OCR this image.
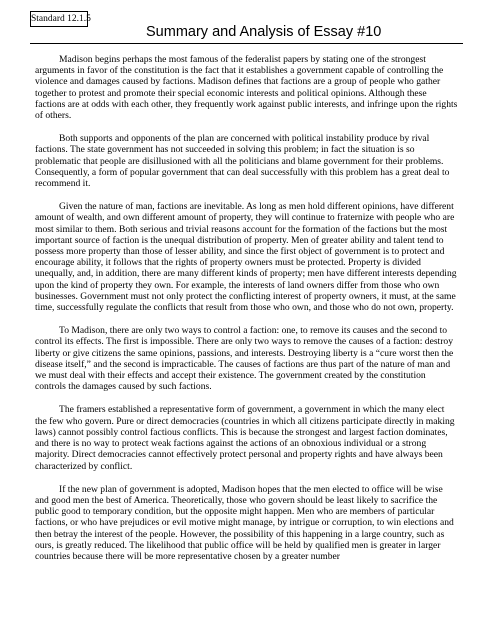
Standard 12.1.5
Summary and Analysis of Essay #10

Madison begins perhaps the most famous of the federalist papers by stating one of the strongest arguments in favor of the constitution is the fact that it establishes a government capable of controlling the violence and damages caused by factions. Madison defines that factions are a group of people who gather together to protest and promote their special economic interests and political opinions. Although these factions are at odds with each other, they frequently work against public interests, and infringe upon the rights of others.

Both supports and opponents of the plan are concerned with political instability produce by rival factions. The state government has not succeeded in solving this problem; in fact the situation is so problematic that people are disillusioned with all the politicians and blame government for their problems. Consequently, a form of popular government that can deal successfully with this problem has a great deal to recommend it.

Given the nature of man, factions are inevitable. As long as men hold different opinions, have different amount of wealth, and own different amount of property, they will continue to fraternize with people who are most similar to them. Both serious and trivial reasons account for the formation of the factions but the most important source of faction is the unequal distribution of property. Men of greater ability and talent tend to possess more property than those of lesser ability, and since the first object of government is to protect and encourage ability, it follows that the rights of property owners must be protected. Property is divided unequally, and, in addition, there are many different kinds of property; men have different interests depending upon the kind of property they own. For example, the interests of land owners differ from those who own businesses. Government must not only protect the conflicting interest of property owners, it must, at the same time, successfully regulate the conflicts that result from those who own, and those who do not own, property.

To Madison, there are only two ways to control a faction: one, to remove its causes and the second to control its effects. The first is impossible. There are only two ways to remove the causes of a faction: destroy liberty or give citizens the same opinions, passions, and interests. Destroying liberty is a “cure worst then the disease itself,” and the second is impracticable. The causes of factions are thus part of the nature of man and we must deal with their effects and accept their existence. The government created by the constitution controls the damages caused by such factions.

The framers established a representative form of government, a government in which the many elect the few who govern. Pure or direct democracies (countries in which all citizens participate directly in making laws) cannot possibly control factious conflicts. This is because the strongest and largest faction dominates, and there is no way to protect weak factions against the actions of an obnoxious individual or a strong majority. Direct democracies cannot effectively protect personal and property rights and have always been characterized by conflict.

If the new plan of government is adopted, Madison hopes that the men elected to office will be wise and good men the best of America. Theoretically, those who govern should be least likely to sacrifice the public good to temporary condition, but the opposite might happen. Men who are members of particular factions, or who have prejudices or evil motive might manage, by intrigue or corruption, to win elections and then betray the interest of the people. However, the possibility of this happening in a large country, such as ours, is greatly reduced. The likelihood that public office will be held by qualified men is greater in larger countries because there will be more representative chosen by a greater number
